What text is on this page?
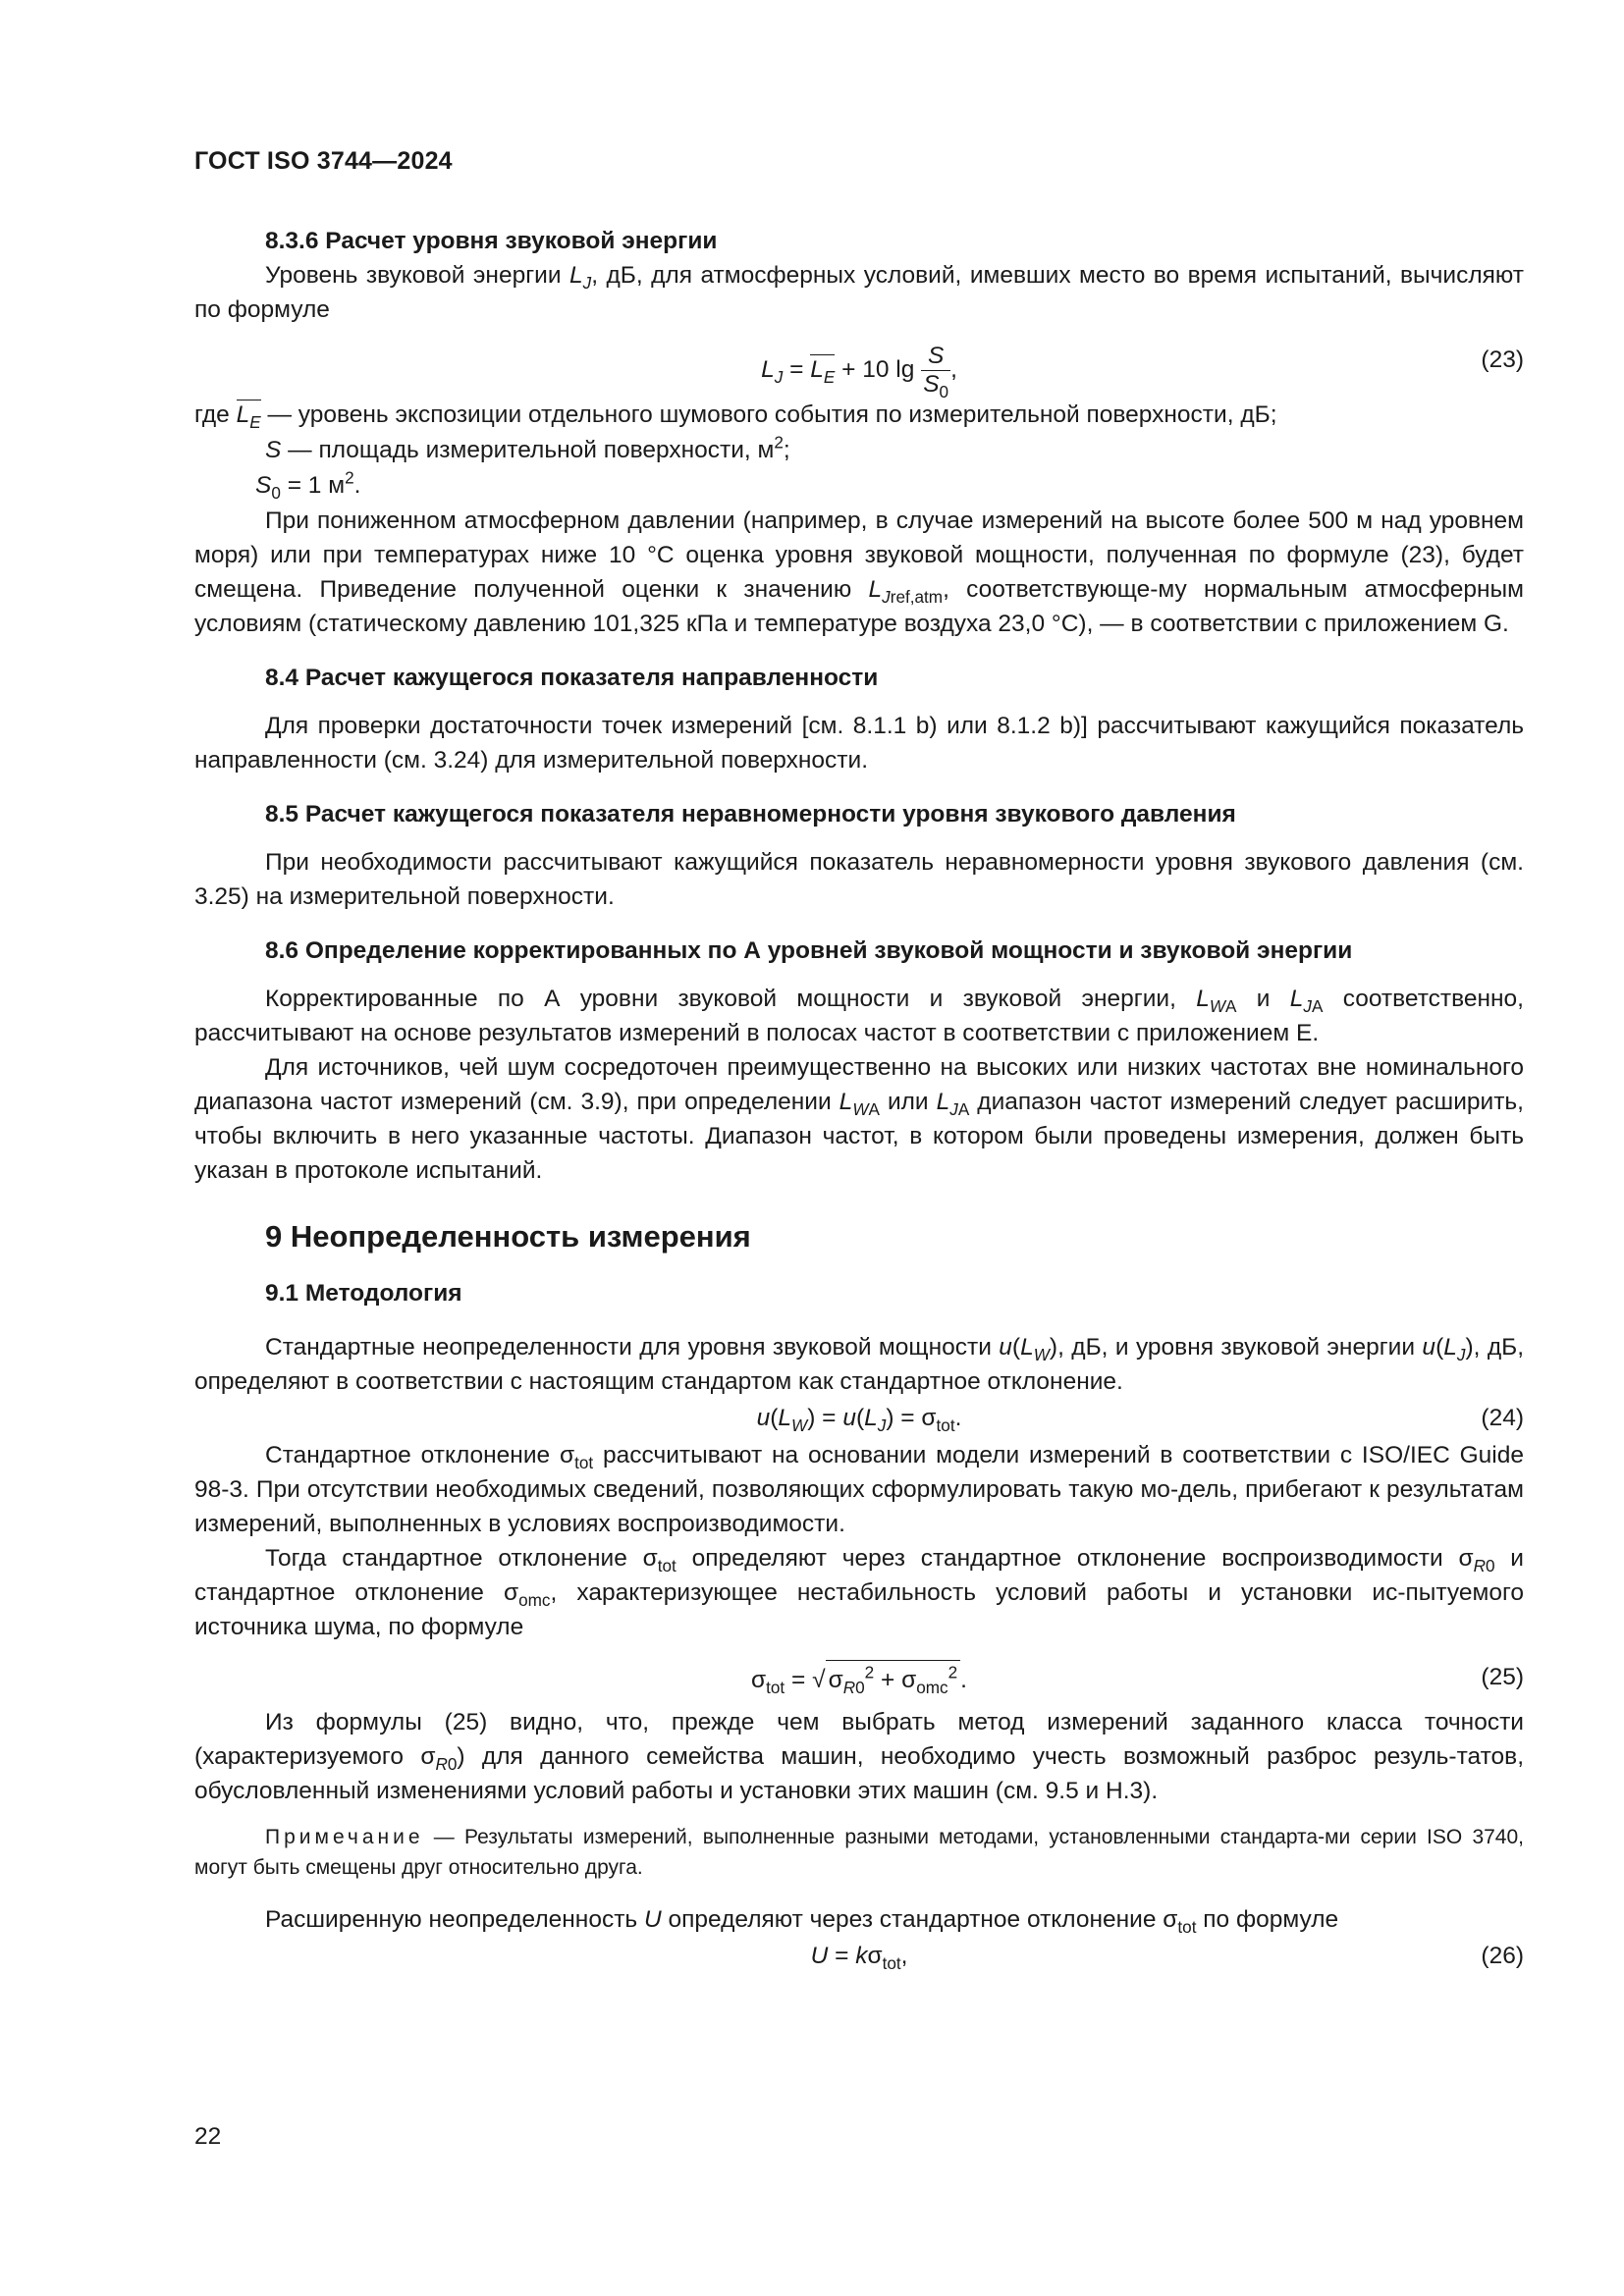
ГОСТ ISO 3744—2024
8.3.6 Расчет уровня звуковой энергии

Уровень звуковой энергии $L_J$, дБ, для атмосферных условий, имевших место во время испытаний, вычисляют по формуле

$L_J = L_E + 10$ $\lg \frac{S}{S_0}$ ,	(23)
где $L_E$ — уровень экспозиции отдельного шумового события по измерительной поверхности, дБ;
S — площадь измерительной поверхности, $м^2$;
$S_0 = 1$ $м^2$.

При пониженном атмосферном давлении (например, в случае измерений на высоте более 500 м над уровнем моря) или при температурах ниже 10 °С оценка уровня звуковой мощности, полученная по формуле (23), будет смещена. Приведение полученной оценки к значению $L_{Jref,atm}$, соответствующе-му нормальным атмосферным условиям (статическому давлению 101,325 кПа и температуре воздуха 23,0 °С), — в соответствии с приложением G.

8.4 Расчет кажущегося показателя направленности

Для проверки достаточности точек измерений [см. 8.1.1 b) или 8.1.2 b)] рассчитывают кажущийся показатель направленности (см. 3.24) для измерительной поверхности.

8.5 Расчет кажущегося показателя неравномерности уровня звукового давления

При необходимости рассчитывают кажущийся показатель неравномерности уровня звукового давления (см. 3.25) на измерительной поверхности.

8.6 Определение корректированных по А уровней звуковой мощности и звуковой энергии

Корректированные по А уровни звуковой мощности и звуковой энергии, $L_{WA}$ и $L_{JA}$ соответственно, рассчитывают на основе результатов измерений в полосах частот в соответствии с приложением Е.

Для источников, чей шум сосредоточен преимущественно на высоких или низких частотах вне номинального диапазона частот измерений (см. 3.9), при определении $L_{WA}$ или $L_{JA}$ диапазон частот измерений следует расширить, чтобы включить в него указанные частоты. Диапазон частот, в котором были проведены измерения, должен быть указан в протоколе испытаний.

9 Неопределенность измерения
9.1 Методология

Стандартные неопределенности для уровня звуковой мощности $u(L_W)$, дБ, и уровня звуковой энергии $u(L_J)$, дБ, определяют в соответствии с настоящим стандартом как стандартное отклонение.

$u(L_W) = u(L_J) = \sigma_{tot}$.	(24)

Стандартное отклонение $\sigma_{tot}$ рассчитывают на основании модели измерений в соответствии с ISO/IEC Guide 98-3. При отсутствии необходимых сведений, позволяющих сформулировать такую мо-дель, прибегают к результатам измерений, выполненных в условиях воспроизводимости.

Тогда стандартное отклонение $\sigma_{tot}$ определяют через стандартное отклонение воспроизводимости $\sigma_{R0}$ и стандартное отклонение $\sigma_{omc}$, характеризующее нестабильность условий работы и установки ис-пытуемого источника шума, по формуле

$\sigma_{tot}$ = √ $\sigma_{R0}^2 + \sigma_{omc}^2$ .	(25)

Из формулы (25) видно, что, прежде чем выбрать метод измерений заданного класса точности (характеризуемого $\sigma_{R0}$) для данного семейства машин, необходимо учесть возможный разброс резуль-татов, обусловленный изменениями условий работы и установки этих машин (см. 9.5 и Н.3).

Примечание — Результаты измерений, выполненные разными методами, установленными стандарта-ми серии ISO 3740, могут быть смещены друг относительно друга.

Расширенную неопределенность U определяют через стандартное отклонение $\sigma_{tot}$ по формуле

$U = k\sigma_{tot}$,	(26)
22
